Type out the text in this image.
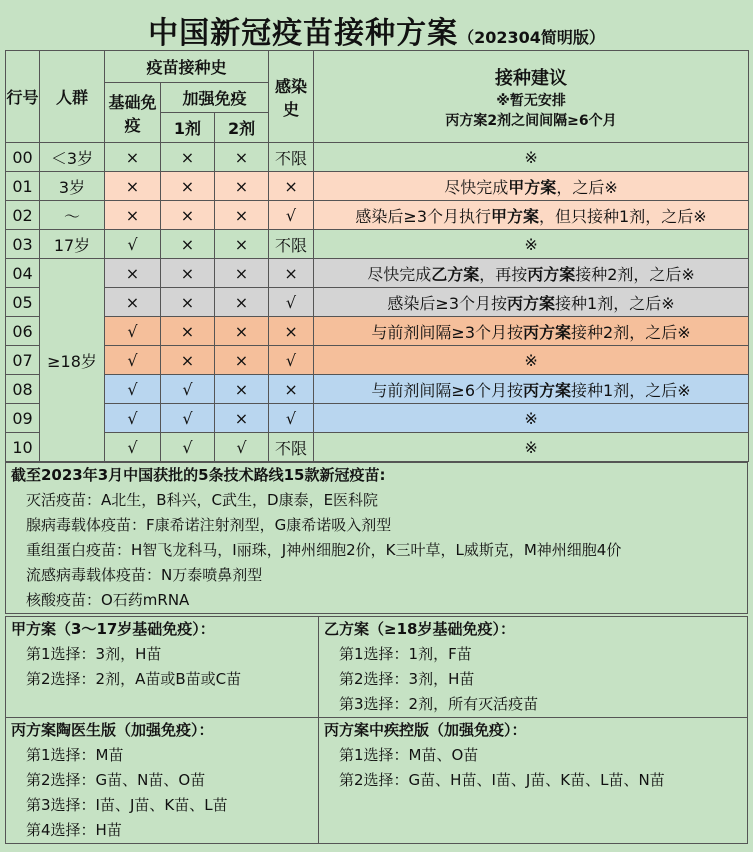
中国新冠疫苗接种方案（202304简明版）
行号	人群	疫苗接种史			感染史	接种建议
※暂无安排
丙方案2剂之间间隔≥6个月

		基础免疫	加强免疫			
			1剂	2剂		
00	＜3岁	×	×	×	不限	※
01	3岁	×	×	×	×	尽快完成甲方案，之后※
02	～	×	×	×	√	感染后≥3个月执行甲方案，但只接种1剂，之后※
03	17岁	√	×	×	不限	※
04	≥18岁	×	×	×	×	尽快完成乙方案，再按丙方案接种2剂，之后※
05		×	×	×	√	感染后≥3个月按丙方案接种1剂，之后※
06		√	×	×	×	与前剂间隔≥3个月按丙方案接种2剂，之后※
07		√	×	×	√	※
08		√	√	×	×	与前剂间隔≥6个月按丙方案接种1剂，之后※
09		√	√	×	√	※
10		√	√	√	不限	※
截至2023年3月中国获批的5条技术路线15款新冠疫苗:
灭活疫苗：A北生，B科兴，C武生，D康泰，E医科院
腺病毒载体疫苗：F康希诺注射剂型，G康希诺吸入剂型
重组蛋白疫苗：H智飞龙科马，I丽珠，J神州细胞2价，K三叶草，L威斯克，M神州细胞4价
流感病毒载体疫苗：N万泰喷鼻剂型
核酸疫苗：O石药mRNA
甲方案（3～17岁基础免疫）：
第1选择：3剂，H苗
第2选择：2剂，A苗或B苗或C苗
乙方案（≥18岁基础免疫）：
第1选择：1剂，F苗
第2选择：3剂，H苗
第3选择：2剂，所有灭活疫苗
丙方案陶医生版（加强免疫）：
第1选择：M苗
第2选择：G苗、N苗、O苗
第3选择：I苗、J苗、K苗、L苗
第4选择：H苗
丙方案中疾控版（加强免疫）：
第1选择：M苗、O苗
第2选择：G苗、H苗、I苗、J苗、K苗、L苗、N苗
